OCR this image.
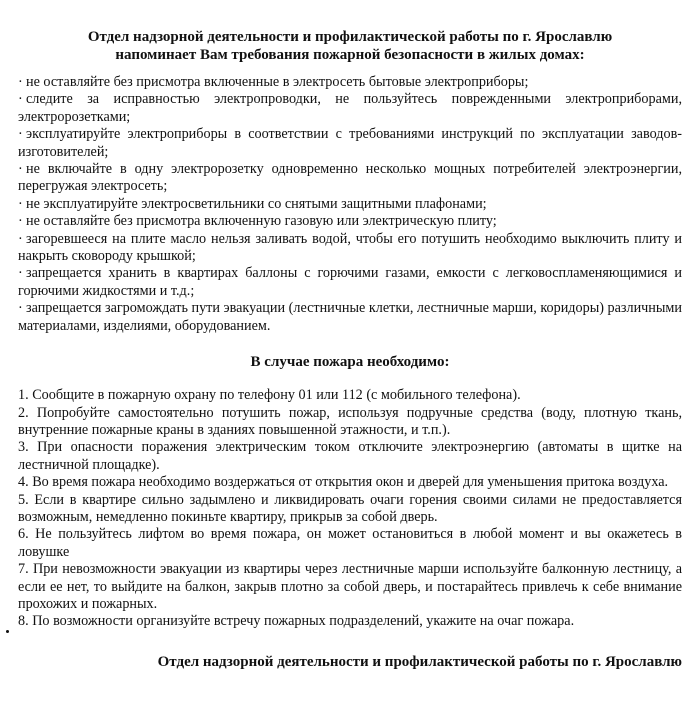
Отдел надзорной деятельности и профилактической работы по г. Ярославлю

напоминает Вам требования пожарной безопасности в жилых домах:

· не оставляйте без присмотра включенные в электросеть бытовые электроприборы;
· следите за исправностью электропроводки, не пользуйтесь поврежденными электроприборами, электророзетками;
· эксплуатируйте электроприборы в соответствии с требованиями инструкций по эксплуатации заводов-изготовителей;
· не включайте в одну электророзетку одновременно несколько мощных потребителей электроэнергии, перегружая электросеть;
· не эксплуатируйте электросветильники со снятыми защитными плафонами;
· не оставляйте без присмотра включенную газовую или электрическую плиту;
· загоревшееся на плите масло нельзя заливать водой, чтобы его потушить необходимо выключить плиту и накрыть сковороду крышкой;
· запрещается хранить в квартирах баллоны с горючими газами, емкости с легковоспламеняющимися и горючими жидкостями и т.д.;
· запрещается загромождать пути эвакуации (лестничные клетки, лестничные марши, коридоры) различными материалами, изделиями, оборудованием.

В случае пожара необходимо:

1. Сообщите в пожарную охрану по телефону 01 или 112 (с мобильного телефона).
2. Попробуйте самостоятельно потушить пожар, используя подручные средства (воду, плотную ткань, внутренние пожарные краны в зданиях повышенной этажности, и т.п.).
3. При опасности поражения электрическим током отключите электроэнергию (автоматы в щитке на лестничной площадке).
4. Во время пожара необходимо воздержаться от открытия окон и дверей для уменьшения притока воздуха.
5. Если в квартире сильно задымлено и ликвидировать очаги горения своими силами не предоставляется возможным, немедленно покиньте квартиру, прикрыв за собой дверь.
6. Не пользуйтесь лифтом во время пожара, он может остановиться в любой момент и вы окажетесь в ловушке
7. При невозможности эвакуации из квартиры через лестничные марши используйте балконную лестницу, а если ее нет, то выйдите на балкон, закрыв плотно за собой дверь, и постарайтесь привлечь к себе внимание прохожих и пожарных.
8. По возможности организуйте встречу пожарных подразделений, укажите на очаг пожара.

Отдел надзорной деятельности и профилактической работы по г. Ярославлю
